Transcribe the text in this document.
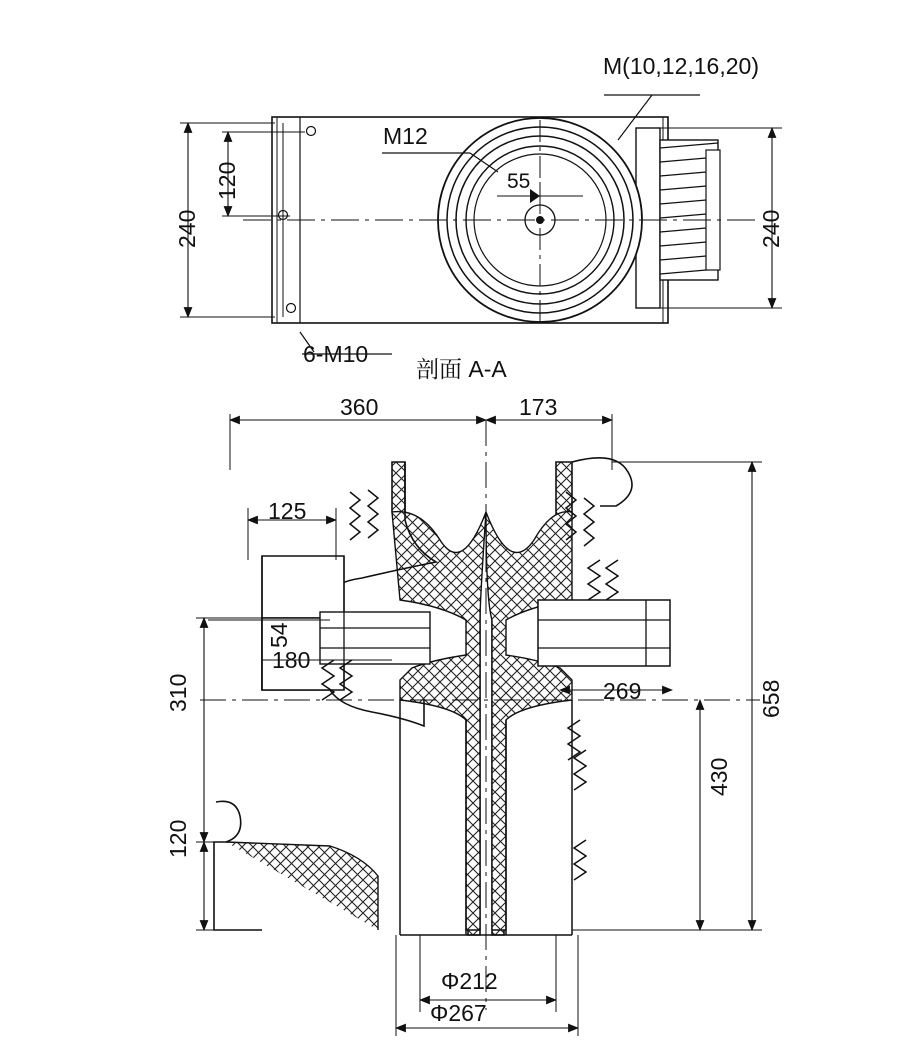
M(10,12,16,20)
M12
55
6-M10
240
120
240
剖面 A-A
360	173
125
54
180
269	658
430
310
120
Φ212
Φ267
